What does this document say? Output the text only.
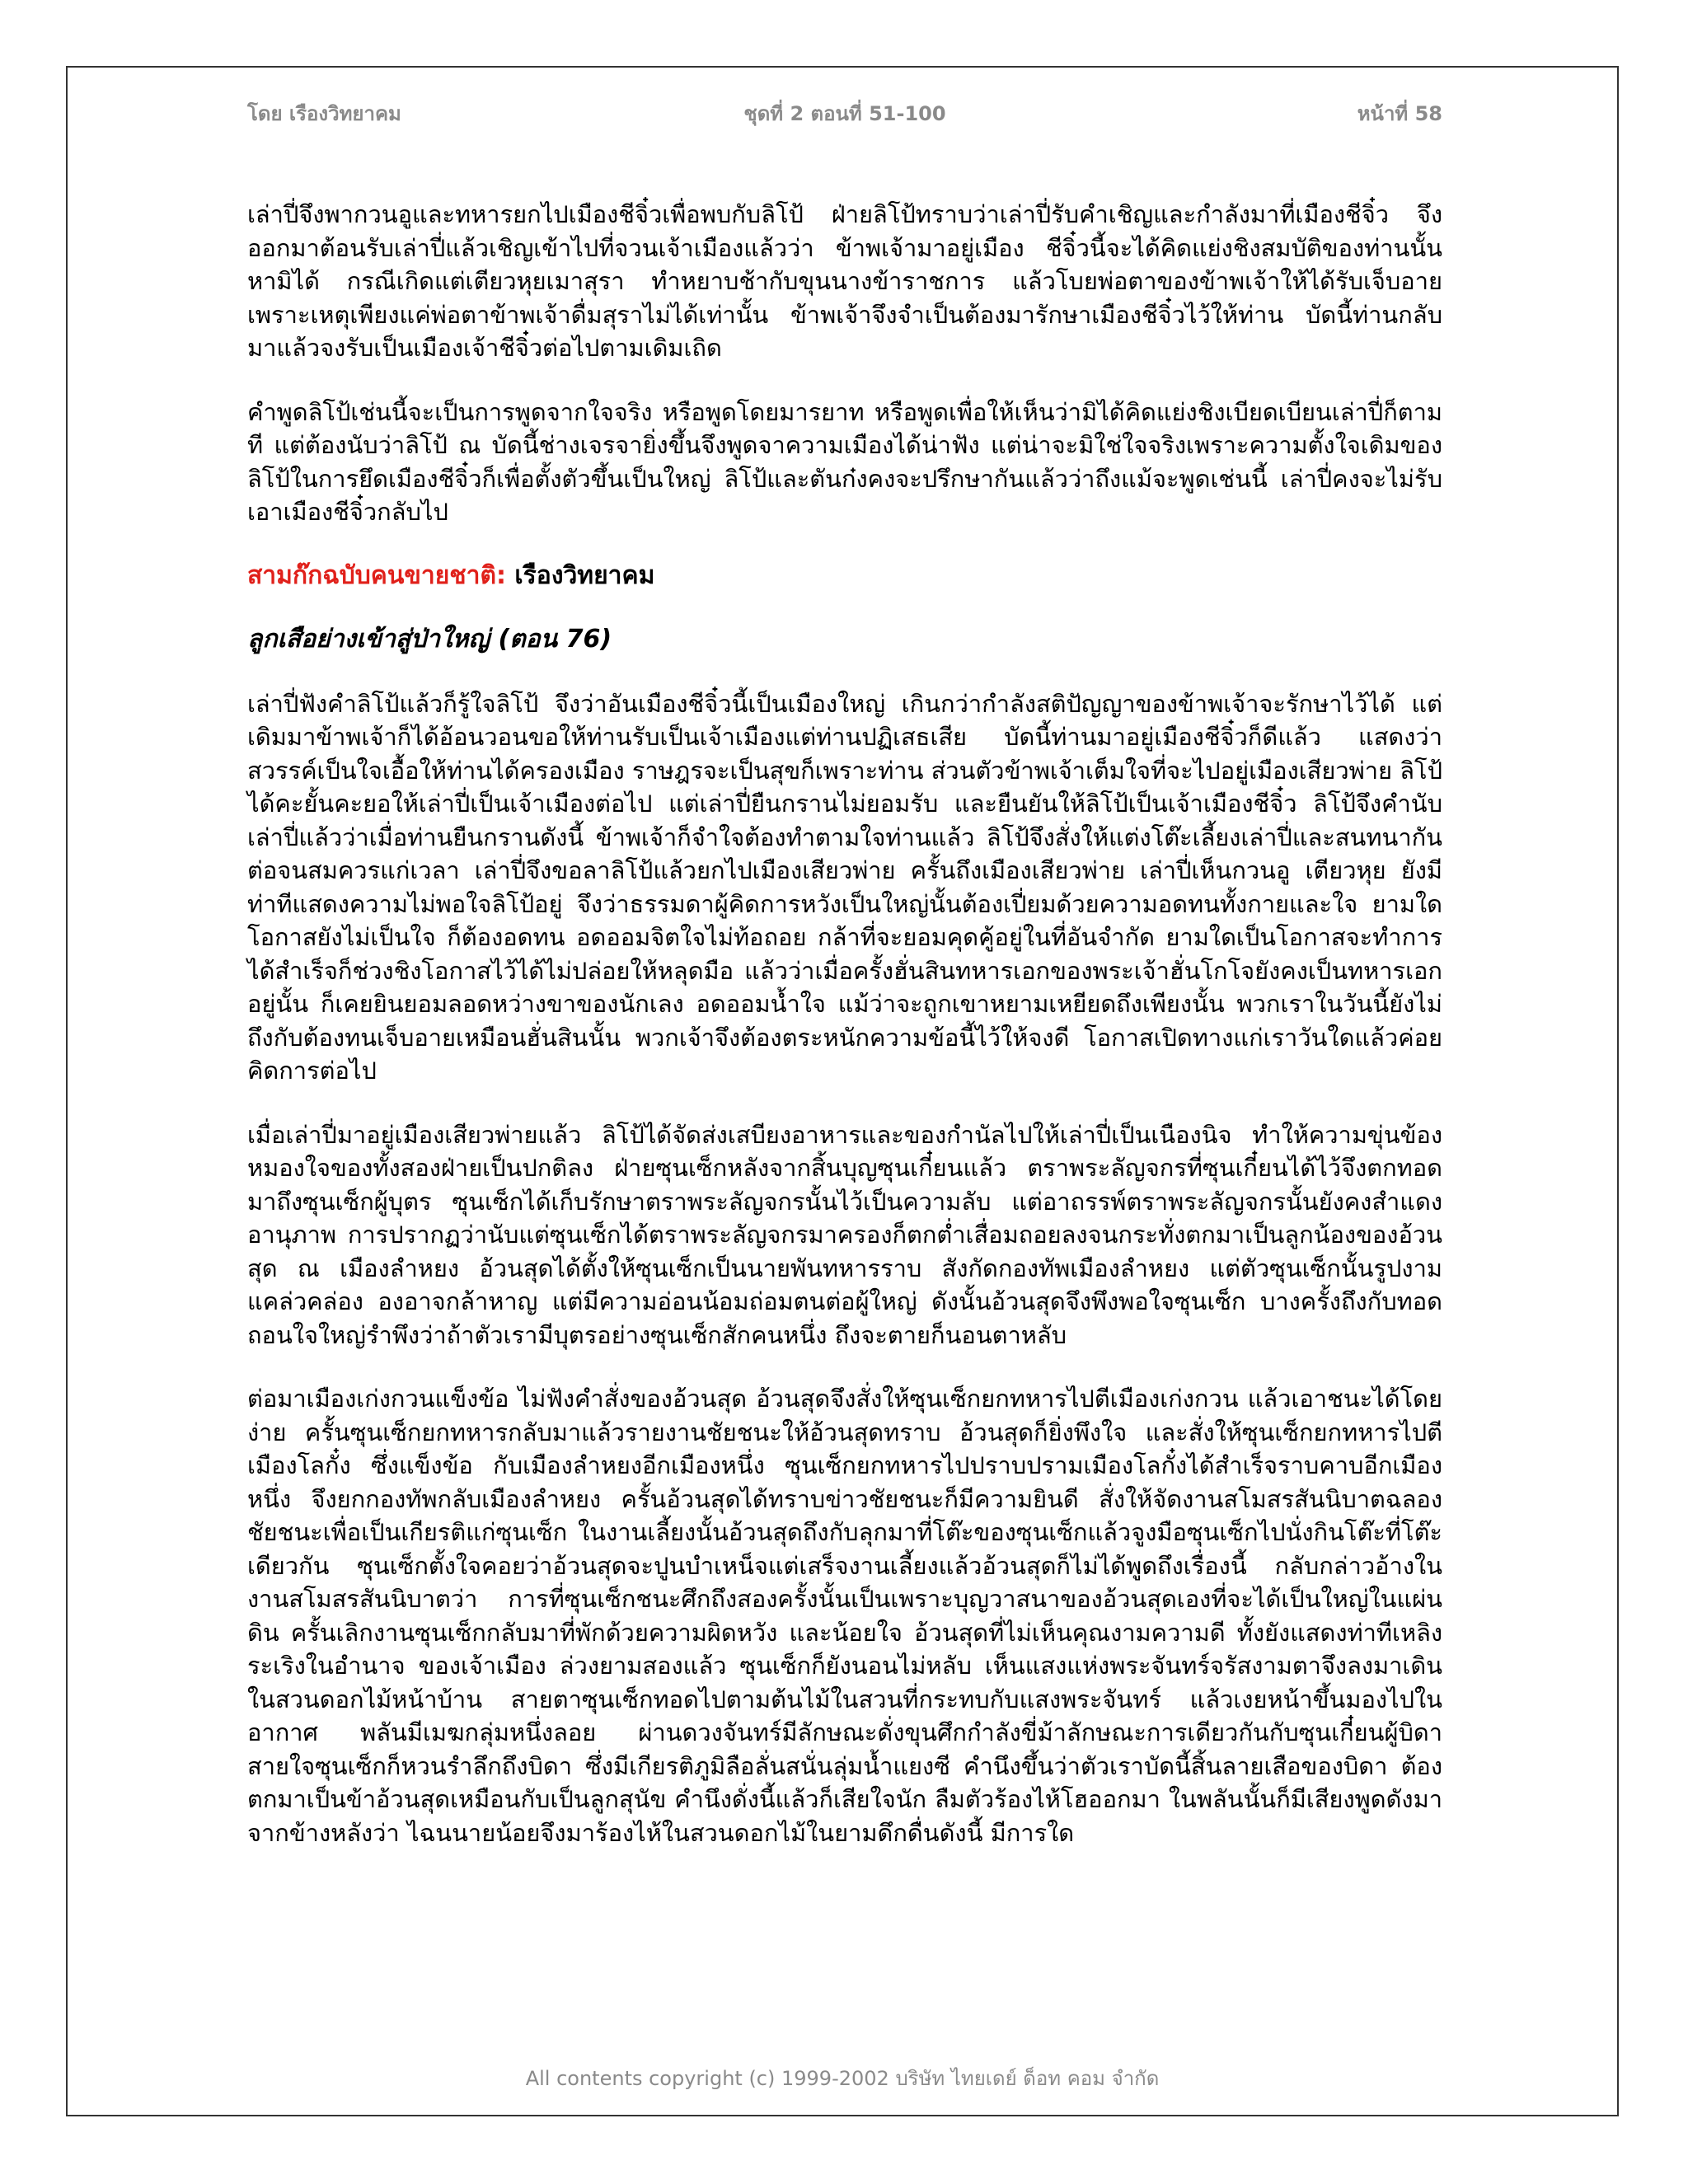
ชุดที่ 2 ตอนที่ 51-100
โดย เรืองวิทยาคม	หน้าที่ 58

เล่าปี่จึงพากวนอูและทหารยกไปเมืองชีจิ๋วเพื่อพบกับลิโป้ ฝ่ายลิโป้ทราบว่าเล่าปี่รับคำเชิญและกำลังมาที่เมืองชีจิ๋ว จึงออกมาต้อนรับเล่าปี่แล้วเชิญเข้าไปที่จวนเจ้าเมืองแล้วว่า ข้าพเจ้ามาอยู่เมือง ชีจิ๋วนี้จะได้คิดแย่งชิงสมบัติของท่านนั้นหามิได้ กรณีเกิดแต่เตียวหุยเมาสุรา ทำหยาบช้ากับขุนนางข้าราชการ แล้วโบยพ่อตาของข้าพเจ้าให้ได้รับเจ็บอาย เพราะเหตุเพียงแค่พ่อตาข้าพเจ้าดื่มสุราไม่ได้เท่านั้น ข้าพเจ้าจึงจำเป็นต้องมารักษาเมืองชีจิ๋วไว้ให้ท่าน บัดนี้ท่านกลับมาแล้วจงรับเป็นเมืองเจ้าชีจิ๋วต่อไปตามเดิมเถิด

คำพูดลิโป้เช่นนี้จะเป็นการพูดจากใจจริง หรือพูดโดยมารยาท หรือพูดเพื่อให้เห็นว่ามิได้คิดแย่งชิงเบียดเบียนเล่าปี่ก็ตามที แต่ต้องนับว่าลิโป้ ณ บัดนี้ช่างเจรจายิ่งขึ้นจึงพูดจาความเมืองได้น่าฟัง แต่น่าจะมิใช่ใจจริงเพราะความตั้งใจเดิมของลิโป้ในการยึดเมืองชีจิ๋วก็เพื่อตั้งตัวขึ้นเป็นใหญ่ ลิโป้และตันก๋งคงจะปรึกษากันแล้วว่าถึงแม้จะพูดเช่นนี้ เล่าปี่คงจะไม่รับเอาเมืองชีจิ๋วกลับไป

สามก๊กฉบับคนขายชาติ: เรืองวิทยาคม
ลูกเสือย่างเข้าสู่ป่าใหญ่ (ตอน 76)

เล่าปี่ฟังคำลิโป้แล้วก็รู้ใจลิโป้ จึงว่าอันเมืองชีจิ๋วนี้เป็นเมืองใหญ่ เกินกว่ากำลังสติปัญญาของข้าพเจ้าจะรักษาไว้ได้ แต่เดิมมาข้าพเจ้าก็ได้อ้อนวอนขอให้ท่านรับเป็นเจ้าเมืองแต่ท่านปฏิเสธเสีย บัดนี้ท่านมาอยู่เมืองชีจิ๋วก็ดีแล้ว แสดงว่าสวรรค์เป็นใจเอื้อให้ท่านได้ครองเมือง ราษฎรจะเป็นสุขก็เพราะท่าน ส่วนตัวข้าพเจ้าเต็มใจที่จะไปอยู่เมืองเสียวพ่าย ลิโป้ได้คะยั้นคะยอให้เล่าปี่เป็นเจ้าเมืองต่อไป แต่เล่าปี่ยืนกรานไม่ยอมรับ และยืนยันให้ลิโป้เป็นเจ้าเมืองชีจิ๋ว ลิโป้จึงคำนับเล่าปี่แล้วว่าเมื่อท่านยืนกรานดังนี้ ข้าพเจ้าก็จำใจต้องทำตามใจท่านแล้ว ลิโป้จึงสั่งให้แต่งโต๊ะเลี้ยงเล่าปี่และสนทนากันต่อจนสมควรแก่เวลา เล่าปี่จึงขอลาลิโป้แล้วยกไปเมืองเสียวพ่าย ครั้นถึงเมืองเสียวพ่าย เล่าปี่เห็นกวนอู เตียวหุย ยังมีท่าทีแสดงความไม่พอใจลิโป้อยู่ จึงว่าธรรมดาผู้คิดการหวังเป็นใหญ่นั้นต้องเปี่ยมด้วยความอดทนทั้งกายและใจ ยามใดโอกาสยังไม่เป็นใจ ก็ต้องอดทน อดออมจิตใจไม่ท้อถอย กล้าที่จะยอมคุดคู้อยู่ในที่อันจำกัด ยามใดเป็นโอกาสจะทำการได้สำเร็จก็ช่วงชิงโอกาสไว้ได้ไม่ปล่อยให้หลุดมือ แล้วว่าเมื่อครั้งฮั่นสินทหารเอกของพระเจ้าฮั่นโกโจยังคงเป็นทหารเอกอยู่นั้น ก็เคยยินยอมลอดหว่างขาของนักเลง อดออมน้ำใจ แม้ว่าจะถูกเขาหยามเหยียดถึงเพียงนั้น พวกเราในวันนี้ยังไม่ถึงกับต้องทนเจ็บอายเหมือนฮั่นสินนั้น พวกเจ้าจึงต้องตระหนักความข้อนี้ไว้ให้จงดี โอกาสเปิดทางแก่เราวันใดแล้วค่อยคิดการต่อไป

เมื่อเล่าปี่มาอยู่เมืองเสียวพ่ายแล้ว ลิโป้ได้จัดส่งเสบียงอาหารและของกำนัลไปให้เล่าปี่เป็นเนืองนิจ ทำให้ความขุ่นข้องหมองใจของทั้งสองฝ่ายเป็นปกติลง ฝ่ายซุนเซ็กหลังจากสิ้นบุญซุนเกี๋ยนแล้ว ตราพระลัญจกรที่ซุนเกี๋ยนได้ไว้จึงตกทอดมาถึงซุนเซ็กผู้บุตร ซุนเซ็กได้เก็บรักษาตราพระลัญจกรนั้นไว้เป็นความลับ แต่อาถรรพ์ตราพระลัญจกรนั้นยังคงสำแดงอานุภาพ การปรากฏว่านับแต่ซุนเซ็กได้ตราพระลัญจกรมาครองก็ตกต่ำเสื่อมถอยลงจนกระทั่งตกมาเป็นลูกน้องของอ้วนสุด ณ เมืองลำหยง อ้วนสุดได้ตั้งให้ซุนเซ็กเป็นนายพันทหารราบ สังกัดกองทัพเมืองลำหยง แต่ตัวซุนเซ็กนั้นรูปงาม แคล่วคล่อง องอาจกล้าหาญ แต่มีความอ่อนน้อมถ่อมตนต่อผู้ใหญ่ ดังนั้นอ้วนสุดจึงพึงพอใจซุนเซ็ก บางครั้งถึงกับทอดถอนใจใหญ่รำพึงว่าถ้าตัวเรามีบุตรอย่างซุนเซ็กสักคนหนึ่ง ถึงจะตายก็นอนตาหลับ

ต่อมาเมืองเก่งกวนแข็งข้อ ไม่ฟังคำสั่งของอ้วนสุด อ้วนสุดจึงสั่งให้ซุนเซ็กยกทหารไปตีเมืองเก่งกวน แล้วเอาชนะได้โดยง่าย ครั้นซุนเซ็กยกทหารกลับมาแล้วรายงานชัยชนะให้อ้วนสุดทราบ อ้วนสุดก็ยิ่งพึงใจ และสั่งให้ซุนเซ็กยกทหารไปตีเมืองโลกั๋ง ซึ่งแข็งข้อ กับเมืองลำหยงอีกเมืองหนึ่ง ซุนเซ็กยกทหารไปปราบปรามเมืองโลกั๋งได้สำเร็จราบคาบอีกเมืองหนึ่ง จึงยกกองทัพกลับเมืองลำหยง ครั้นอ้วนสุดได้ทราบข่าวชัยชนะก็มีความยินดี สั่งให้จัดงานสโมสรสันนิบาตฉลองชัยชนะเพื่อเป็นเกียรติแก่ซุนเซ็ก ในงานเลี้ยงนั้นอ้วนสุดถึงกับลุกมาที่โต๊ะของซุนเซ็กแล้วจูงมือซุนเซ็กไปนั่งกินโต๊ะที่โต๊ะเดียวกัน ซุนเซ็กตั้งใจคอยว่าอ้วนสุดจะปูนบำเหน็จแต่เสร็จงานเลี้ยงแล้วอ้วนสุดก็ไม่ได้พูดถึงเรื่องนี้ กลับกล่าวอ้างในงานสโมสรสันนิบาตว่า การที่ซุนเซ็กชนะศึกถึงสองครั้งนั้นเป็นเพราะบุญวาสนาของอ้วนสุดเองที่จะได้เป็นใหญ่ในแผ่นดิน ครั้นเลิกงานซุนเซ็กกลับมาที่พักด้วยความผิดหวัง และน้อยใจ อ้วนสุดที่ไม่เห็นคุณงามความดี ทั้งยังแสดงท่าทีเหลิงระเริงในอำนาจ ของเจ้าเมือง ล่วงยามสองแล้ว ซุนเซ็กก็ยังนอนไม่หลับ เห็นแสงแห่งพระจันทร์จรัสงามตาจึงลงมาเดินในสวนดอกไม้หน้าบ้าน สายตาซุนเซ็กทอดไปตามต้นไม้ในสวนที่กระทบกับแสงพระจันทร์ แล้วเงยหน้าขึ้นมองไปในอากาศ พลันมีเมฆกลุ่มหนึ่งลอย ผ่านดวงจันทร์มีลักษณะดั่งขุนศึกกำลังขี่ม้าลักษณะการเดียวกันกับซุนเกี๋ยนผู้บิดา สายใจซุนเซ็กก็หวนรำลึกถึงบิดา ซึ่งมีเกียรติภูมิลือลั่นสนั่นลุ่มน้ำแยงซี คำนึงขึ้นว่าตัวเราบัดนี้สิ้นลายเสือของบิดา ต้องตกมาเป็นข้าอ้วนสุดเหมือนกับเป็นลูกสุนัข คำนึงดั่งนี้แล้วก็เสียใจนัก ลืมตัวร้องไห้โฮออกมา ในพลันนั้นก็มีเสียงพูดดังมาจากข้างหลังว่า ไฉนนายน้อยจึงมาร้องไห้ในสวนดอกไม้ในยามดึกดื่นดังนี้ มีการใด

All contents copyright (c) 1999-2002 บริษัท ไทยเดย์ ด็อท คอม จำกัด
